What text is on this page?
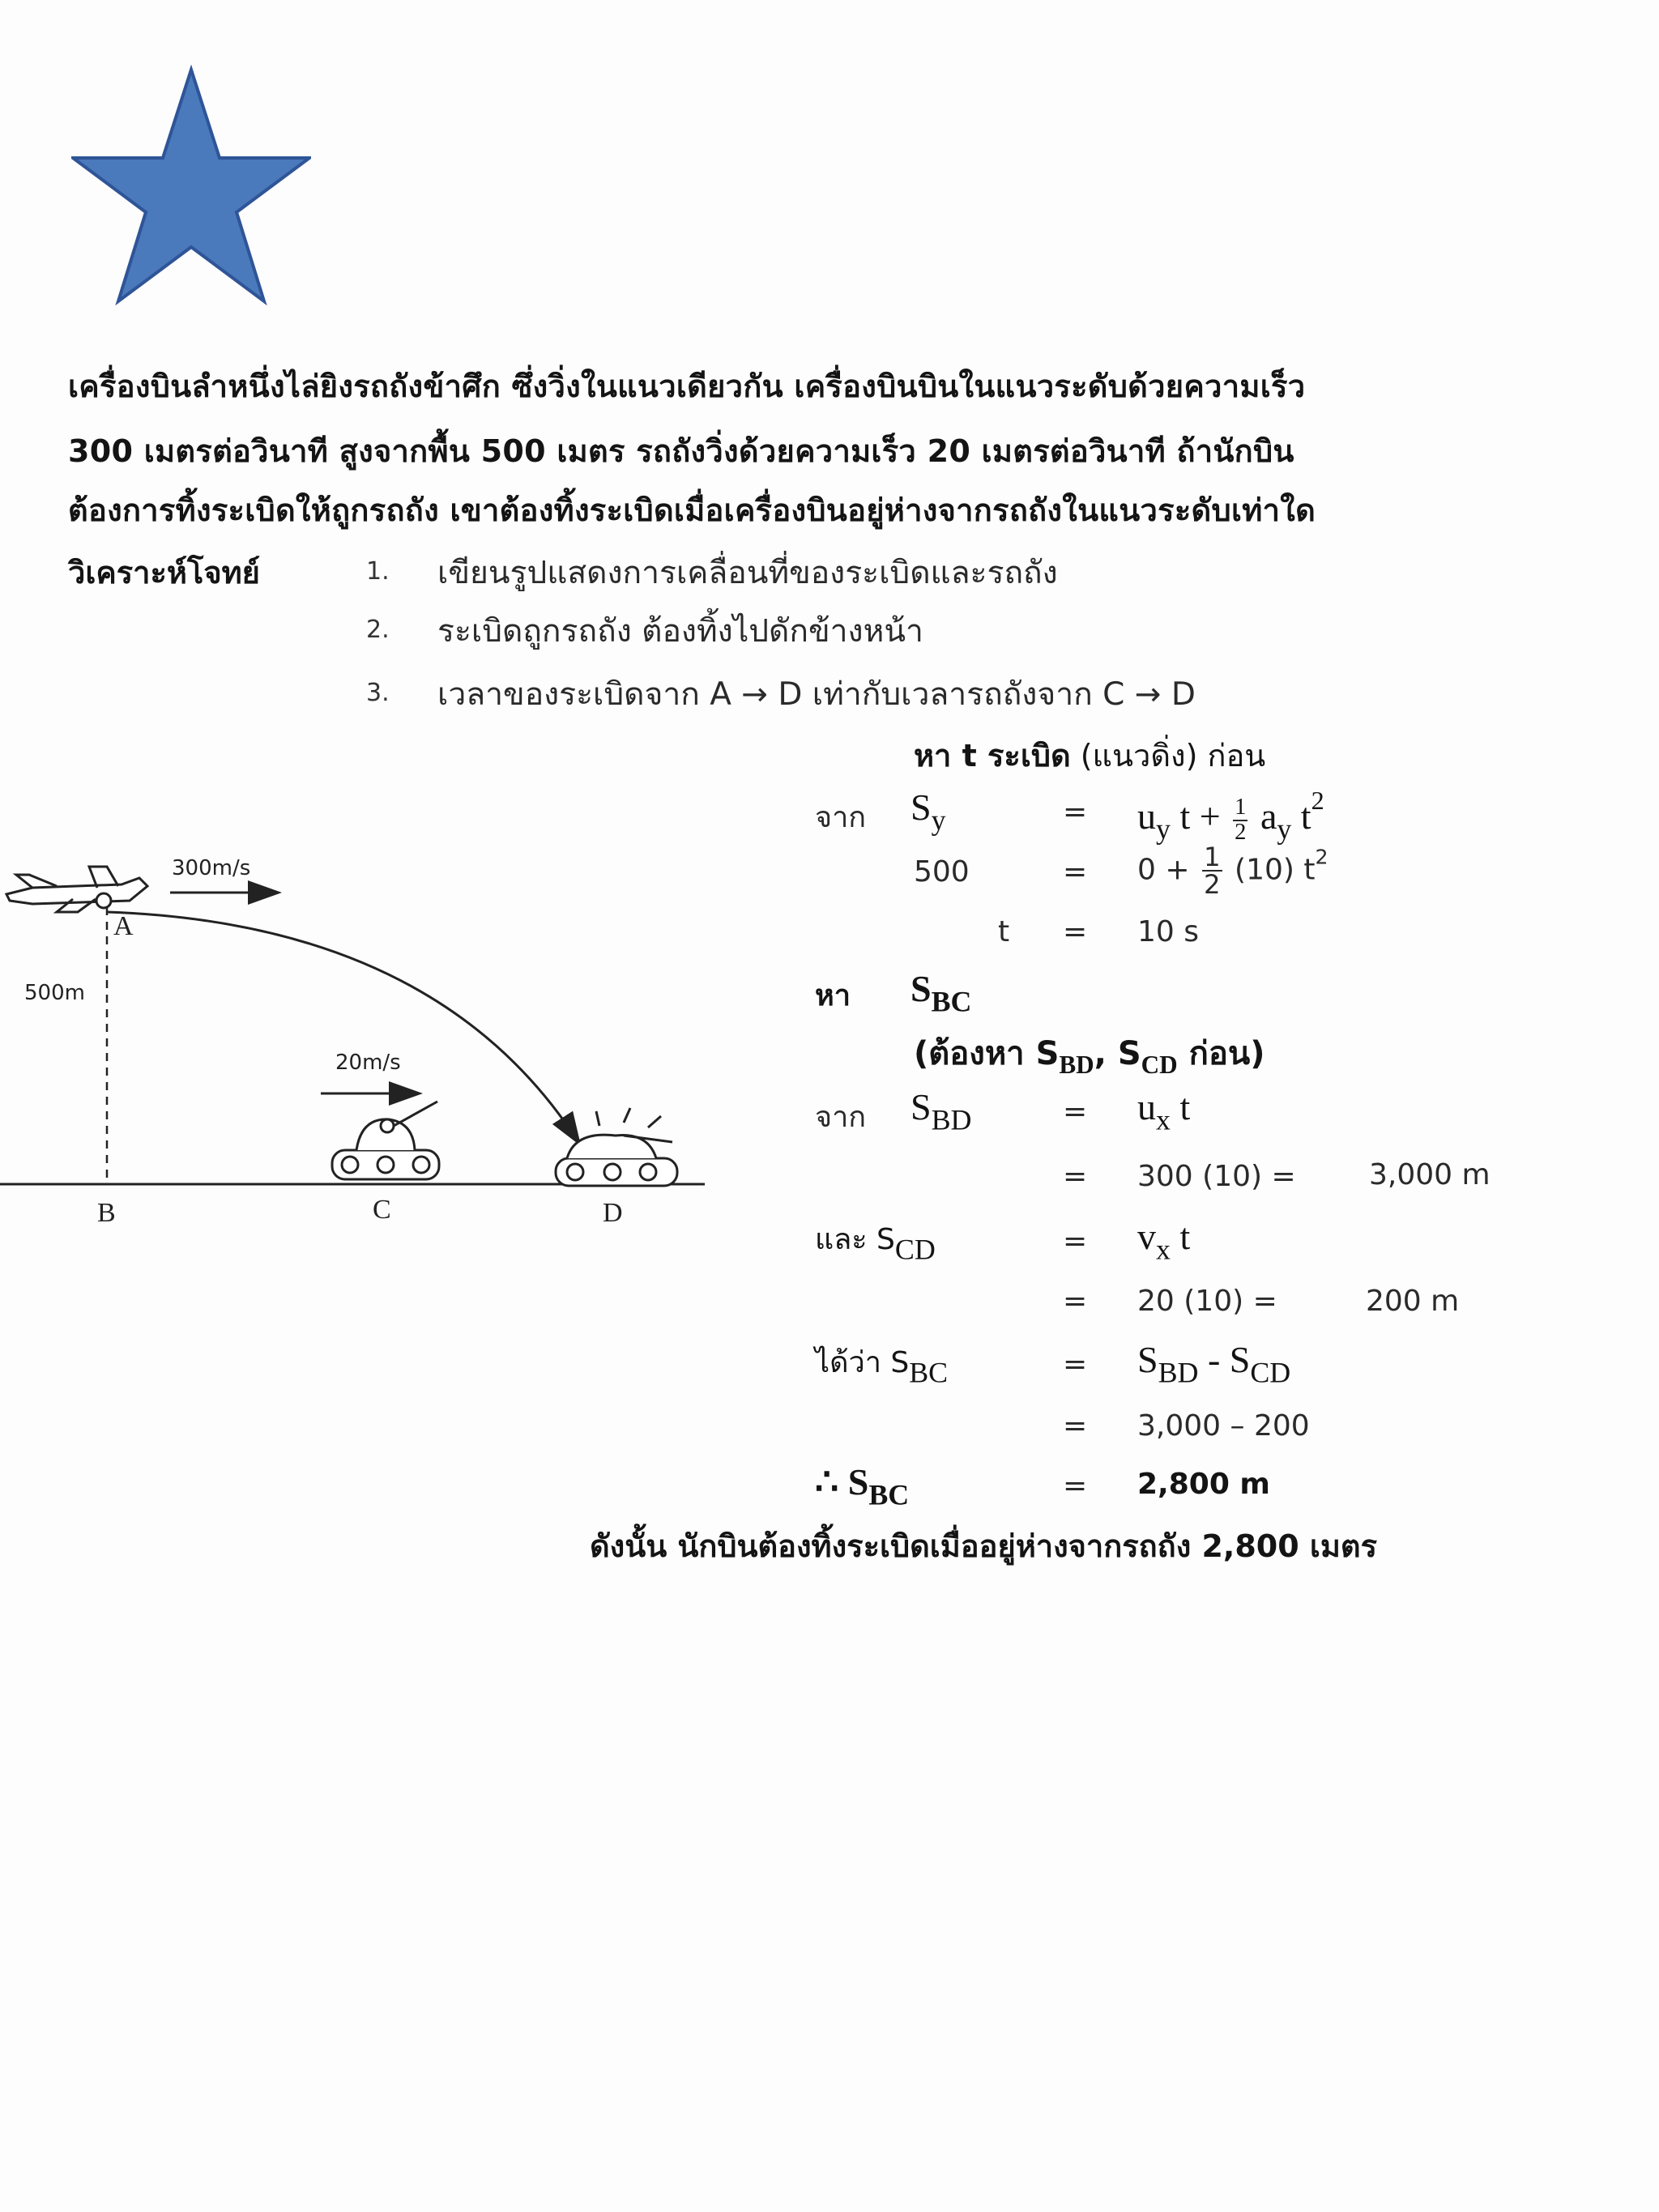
เครื่องบินลำหนึ่งไล่ยิงรถถังข้าศึก ซึ่งวิ่งในแนวเดียวกัน เครื่องบินบินในแนวระดับด้วยความเร็ว
300 เมตรต่อวินาที สูงจากพื้น 500 เมตร รถถังวิ่งด้วยความเร็ว 20 เมตรต่อวินาที ถ้านักบิน
ต้องการทิ้งระเบิดให้ถูกรถถัง เขาต้องทิ้งระเบิดเมื่อเครื่องบินอยู่ห่างจากรถถังในแนวระดับเท่าใด
วิเคราะห์โจทย์	1. เขียนรูปแสดงการเคลื่อนที่ของระเบิดและรถถัง
2. ระเบิดถูกรถถัง ต้องทิ้งไปดักข้างหน้า
3. เวลาของระเบิดจาก A → D เท่ากับเวลารถถังจาก C → D
หา t ระเบิด (แนวดิ่ง) ก่อน
จาก $S_y$	= $u_y$ $t + \frac{1}{2} a_y$ $t^2$
500	= $0 + \frac{1}{2} (10)$ $t^2$
t = 10 s
หา $S_{BC}$
(ต้องหา $S_{BD}$, $S_{CD}$ ก่อน)
จาก $S_{BD}$	= $u_x$ t
= 300 (10) =	3,000 m
และ $S_{CD}$	= $v_x$ t
= 20 (10) =	200 m
ได้ว่า $S_{BC}$	= $S_{BD} - S_{CD}$
= 3,000 – 200
∴ $S_{BC}$	= 2,800 m
ดังนั้น นักบินต้องทิ้งระเบิดเมื่ออยู่ห่างจากรถถัง 2,800 เมตร
300m/s
A
500m
20m/s
B	C	D
